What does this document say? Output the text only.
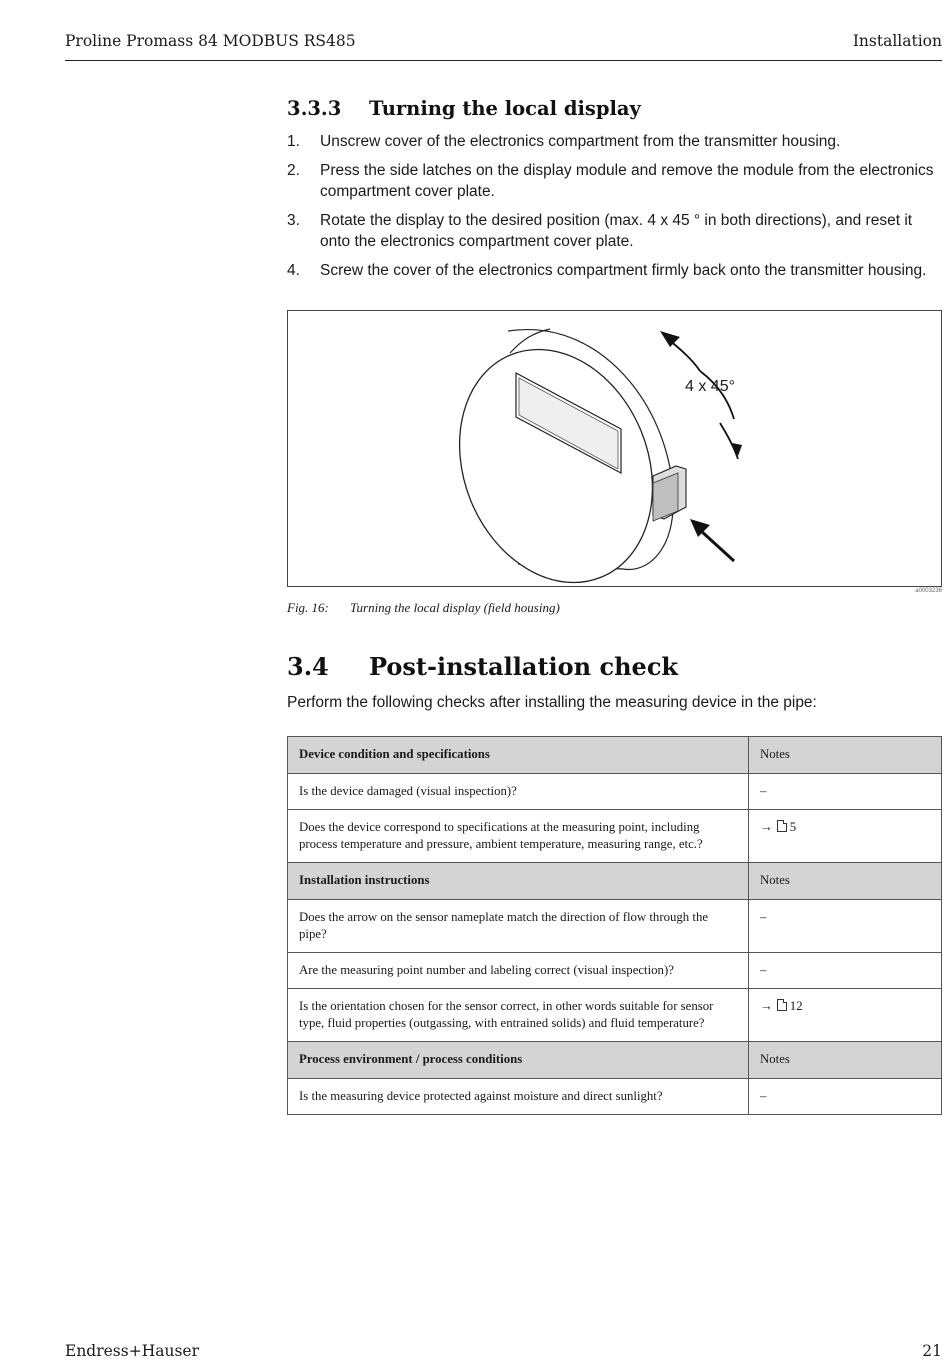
Proline Promass 84 MODBUS RS485	Installation
3.3.3 Turning the local display
1. Unscrew cover of the electronics compartment from the transmitter housing.
2. Press the side latches on the display module and remove the module from the electronics compartment cover plate.
3. Rotate the display to the desired position (max. 4 x 45 ° in both directions), and reset it onto the electronics compartment cover plate.
4. Screw the cover of the electronics compartment firmly back onto the transmitter housing.
4 x 45°
a0003236
Fig. 16: Turning the local display (field housing)
3.4 Post-installation check
Perform the following checks after installing the measuring device in the pipe:
Device condition and specifications	Notes
Is the device damaged (visual inspection)?	–
Does the device correspond to specifications at the measuring point, including process temperature and pressure, ambient temperature, measuring range, etc.?	→ 5
Installation instructions	Notes
Does the arrow on the sensor nameplate match the direction of flow through the pipe?	–
Are the measuring point number and labeling correct (visual inspection)?	–
Is the orientation chosen for the sensor correct, in other words suitable for sensor type, fluid properties (outgassing, with entrained solids) and fluid temperature?	→ 12
Process environment / process conditions	Notes
Is the measuring device protected against moisture and direct sunlight?	–
Endress+Hauser	21
